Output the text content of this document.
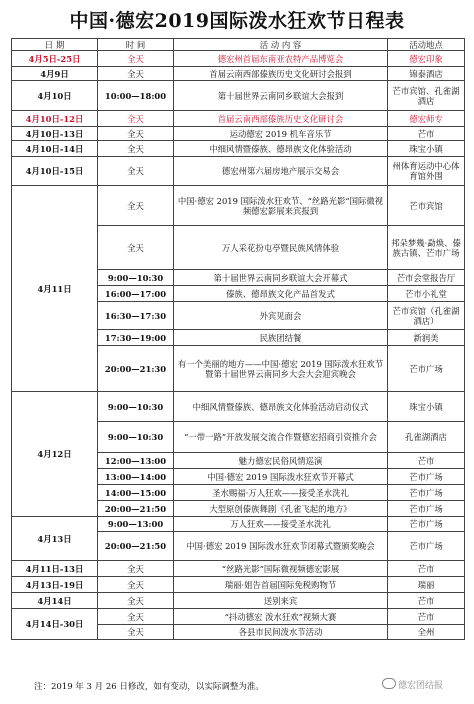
中国·德宏2019国际泼水狂欢节日程表
日 期	时 间	活 动 内 容	活动地点
4月5日-25日	全天	德宏州首届东南亚农特产品博览会	德宏印象
4月9日	全天	首届云南西部傣族历史文化研讨会报到	锦泰酒店
4月10日	10:00—18:00	第十届世界云南同乡联谊大会报到	芒市宾馆、孔雀湖酒店
4月10日-12日	全天	首届云南西部傣族历史文化研讨会	德宏师专
4月10日-13日	全天	运动德宏 2019 机车音乐节	芒市
4月10日-14日	全天	中细风情暨傣族、德昂族文化体验活动	珠宝小镇
4月10日-15日	全天	德宏州第六届房地产展示交易会	州体育运动中心体育馆外围
4月11日	全天	中国·德宏 2019 国际泼水狂欢节、“丝路光影”国际微视频德宏影展来宾报到	芒市宾馆
	全天	万人采花扮屯亭暨民族风情体验	邦朵梦幾·勐焕、傣族古镇、芒市广场
	9:00—10:30	第十届世界云南同乡联谊大会开幕式	芒市会堂报告厅
	16:00—17:00	傣族、德昂族文化产品首发式	芒市小礼堂
	16:30—17:30	外宾见面会	芒市宾馆（孔雀湖酒店）
	17:30—19:00	民族团结餐	新润美
	20:00—21:30	有一个美丽的地方——中国·德宏 2019 国际泼水狂欢节暨第十届世界云南同乡大会大会迎宾晚会	芒市广场
4月12日	9:00—10:30	中细风情暨傣族、德昂族文化体验活动启动仪式	珠宝小镇
	9:00—10:30	“一带一路”开放发展交流合作暨德宏招商引资推介会	孔雀湖酒店
	12:00—13:00	魅力德宏民俗风情巡演	芒市
	13:00—14:00	中国·德宏 2019 国际泼水狂欢节开幕式	芒市广场
	14:00—15:00	圣水赐福·万人狂欢——接受圣水洗礼	芒市广场
	20:00—21:50	大型原创傣族舞剧《孔雀飞起的地方》	芒市广场
4月13日	9:00—13:00	万人狂欢——接受圣水洗礼	芒市广场
	20:00—21:50	中国·德宏 2019 国际泼水狂欢节闭幕式暨颁奖晚会	芒市广场
4月11日-13日	全天	“丝路光影”国际微视频德宏影展	芒市
4月13日-19日	全天	瑞丽·姐告首届国际免税购物节	瑞丽
4月14日	全天	送别来宾	芒市
4月14日-30日	全天	“抖动德宏 泼水狂欢”视频大赛	芒市
	全天	各县市民间泼水节活动	全州
注：2019 年 3 月 26 日修改，如有变动，以实际调整为准。	德宏团结报
